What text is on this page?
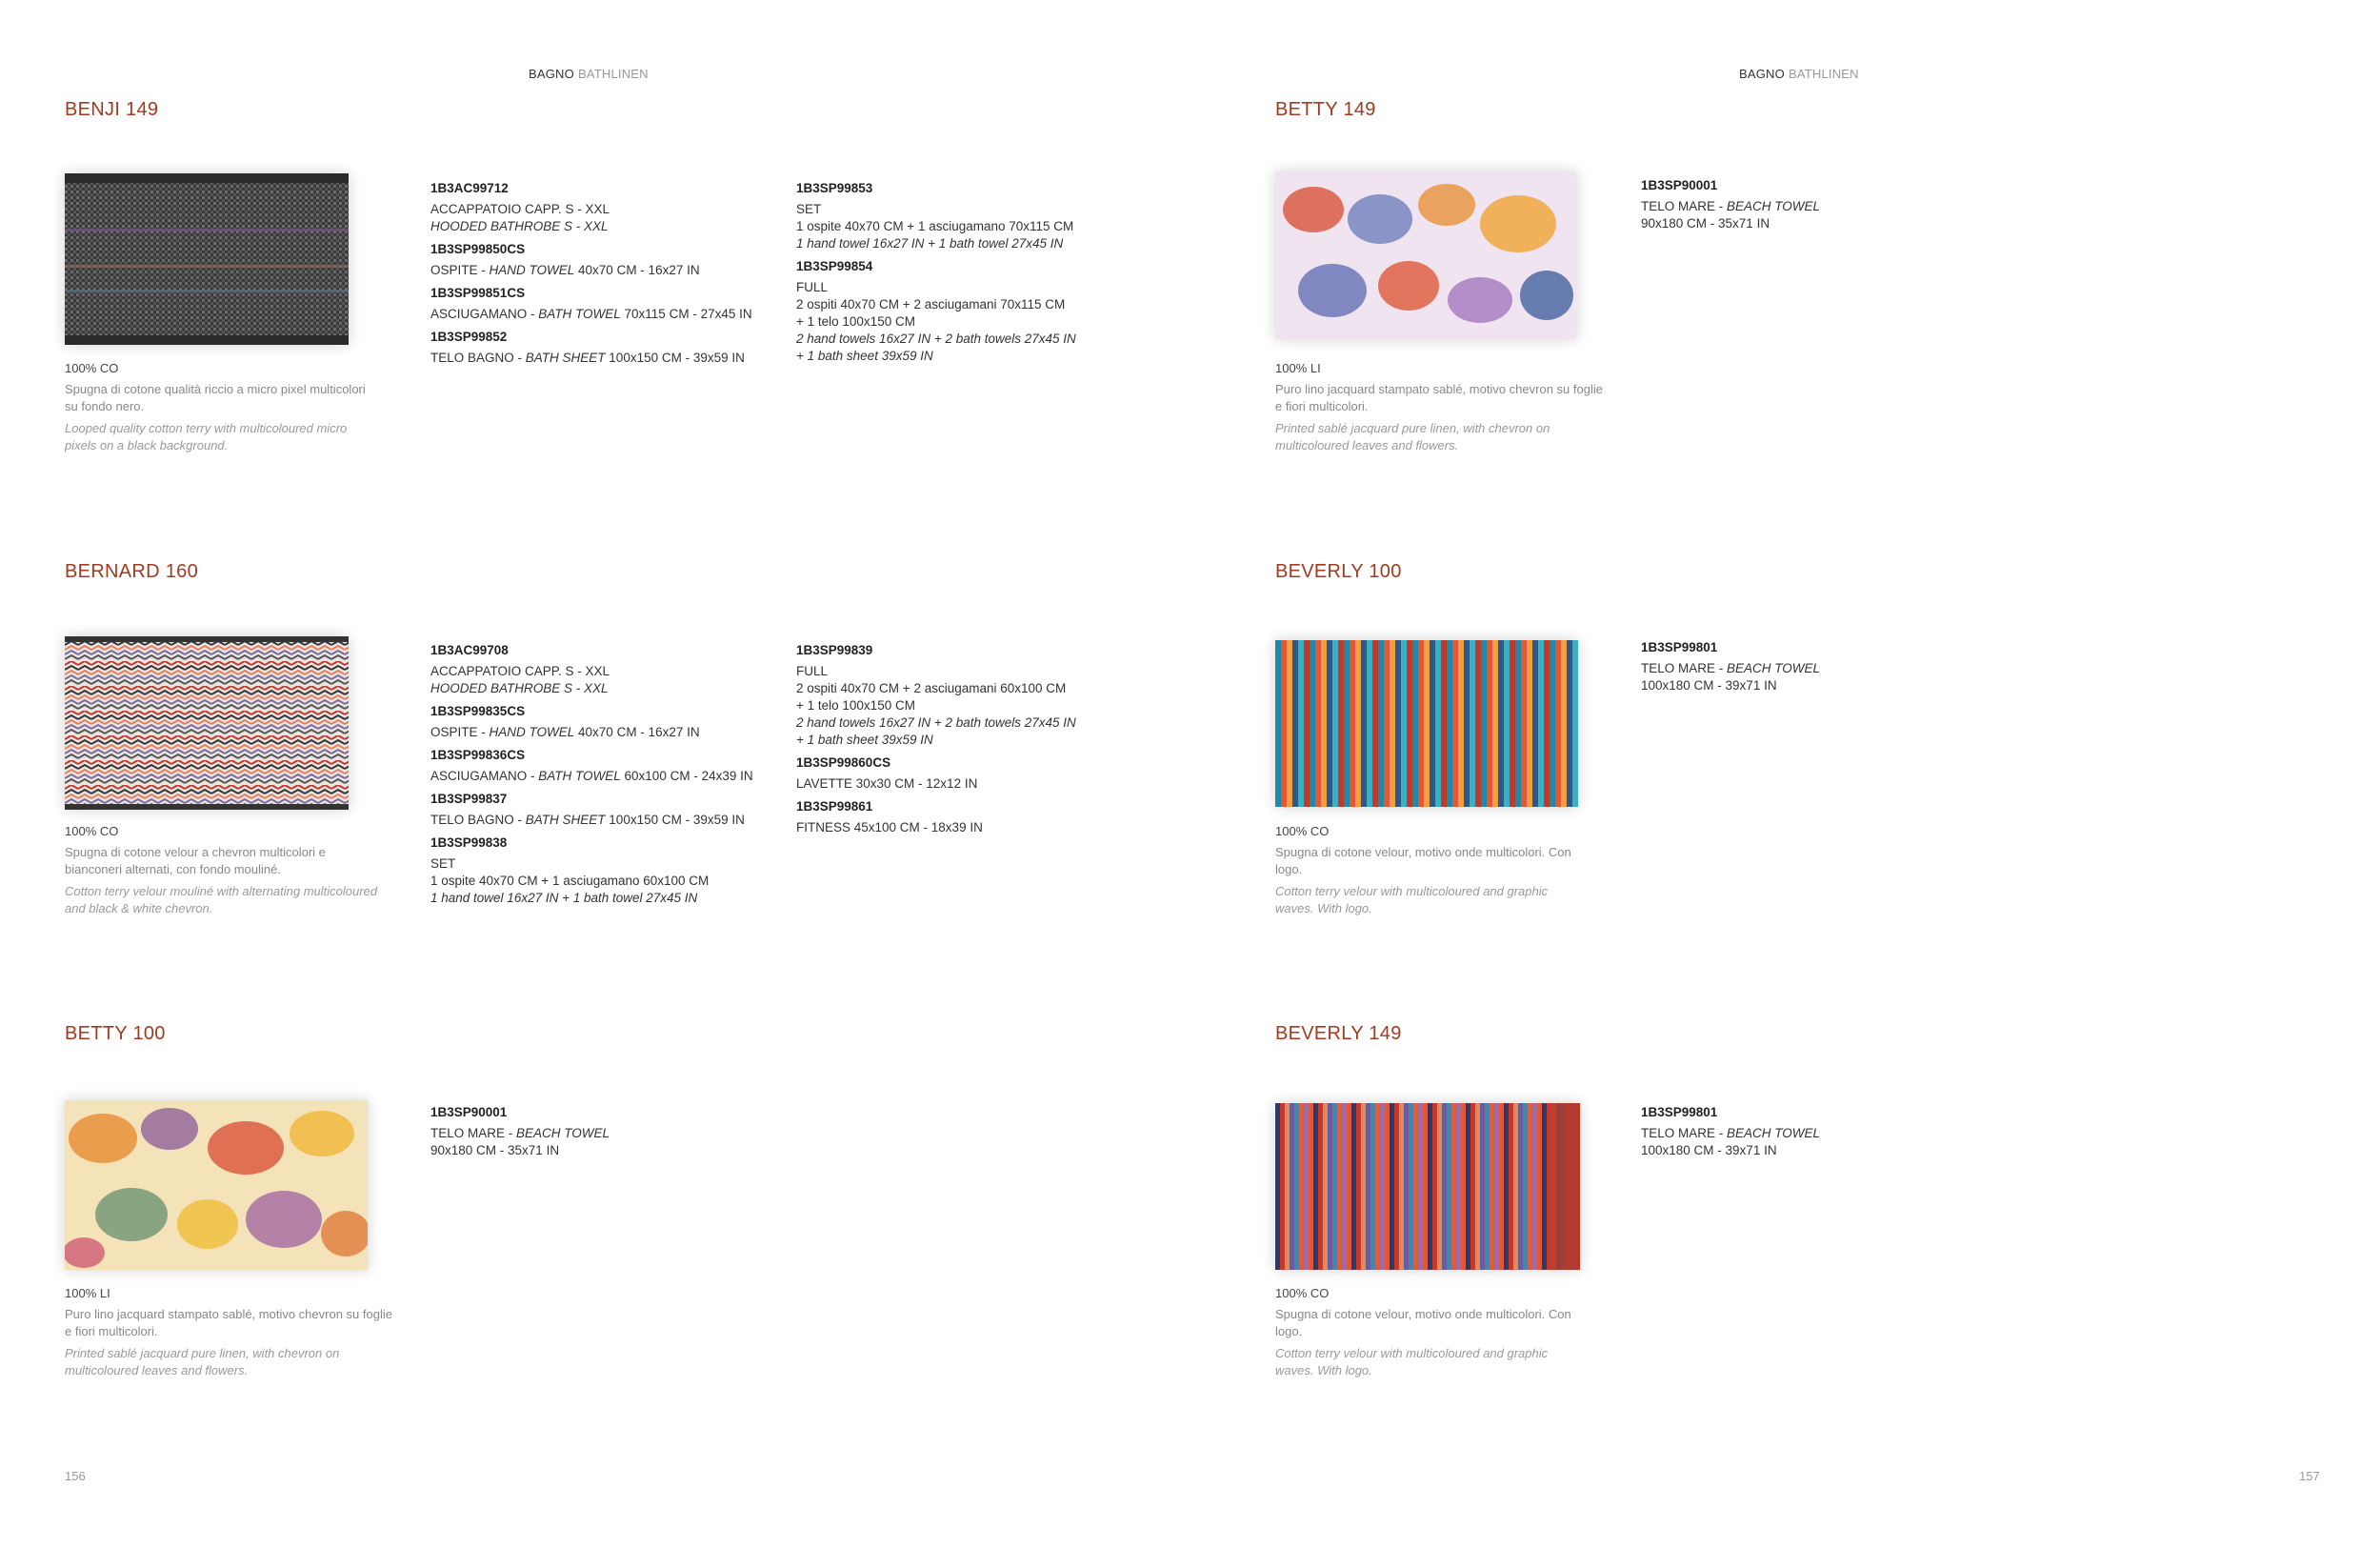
BAGNO BATHLINEN	BAGNO BATHLINEN
BENJI 149
100% CO
Spugna di cotone qualità riccio a micro pixel multicolori su fondo nero.
Looped quality cotton terry with multicoloured micro pixels on a black background.
1B3AC99712
ACCAPPATOIO CAPP. S - XXL
HOODED BATHROBE S - XXL
1B3SP99850CS
OSPITE - HAND TOWEL 40x70 CM - 16x27 IN
1B3SP99851CS
ASCIUGAMANO - BATH TOWEL 70x115 CM - 27x45 IN
1B3SP99852
TELO BAGNO - BATH SHEET 100x150 CM - 39x59 IN
1B3SP99853
SET
1 ospite 40x70 CM + 1 asciugamano 70x115 CM
1 hand towel 16x27 IN + 1 bath towel 27x45 IN
1B3SP99854
FULL
2 ospiti 40x70 CM + 2 asciugamani 70x115 CM
+ 1 telo 100x150 CM
2 hand towels 16x27 IN + 2 bath towels 27x45 IN
+ 1 bath sheet 39x59 IN
BERNARD 160
100% CO
Spugna di cotone velour a chevron multicolori e bianconeri alternati, con fondo mouliné.
Cotton terry velour mouliné with alternating multicoloured and black & white chevron.
1B3AC99708
ACCAPPATOIO CAPP. S - XXL
HOODED BATHROBE S - XXL
1B3SP99835CS
OSPITE - HAND TOWEL 40x70 CM - 16x27 IN
1B3SP99836CS
ASCIUGAMANO - BATH TOWEL 60x100 CM - 24x39 IN
1B3SP99837
TELO BAGNO - BATH SHEET 100x150 CM - 39x59 IN
1B3SP99838
SET
1 ospite 40x70 CM + 1 asciugamano 60x100 CM
1 hand towel 16x27 IN + 1 bath towel 27x45 IN
1B3SP99839
FULL
2 ospiti 40x70 CM + 2 asciugamani 60x100 CM
+ 1 telo 100x150 CM
2 hand towels 16x27 IN + 2 bath towels 27x45 IN
+ 1 bath sheet 39x59 IN
1B3SP99860CS
LAVETTE 30x30 CM - 12x12 IN
1B3SP99861
FITNESS 45x100 CM - 18x39 IN
BETTY 100
100% LI
Puro lino jacquard stampato sablé, motivo chevron su foglie e fiori multicolori.
Printed sablé jacquard pure linen, with chevron on multicoloured leaves and flowers.
1B3SP90001
TELO MARE - BEACH TOWEL
90x180 CM - 35x71 IN
156
BETTY 149
100% LI
Puro lino jacquard stampato sablé, motivo chevron su foglie e fiori multicolori.
Printed sablé jacquard pure linen, with chevron on multicoloured leaves and flowers.
1B3SP90001
TELO MARE - BEACH TOWEL
90x180 CM - 35x71 IN
BEVERLY 100
100% CO
Spugna di cotone velour, motivo onde multicolori. Con logo.
Cotton terry velour with multicoloured and graphic waves. With logo.
1B3SP99801
TELO MARE - BEACH TOWEL
100x180 CM - 39x71 IN
BEVERLY 149
100% CO
Spugna di cotone velour, motivo onde multicolori. Con logo.
Cotton terry velour with multicoloured and graphic waves. With logo.
1B3SP99801
TELO MARE - BEACH TOWEL
100x180 CM - 39x71 IN
157
